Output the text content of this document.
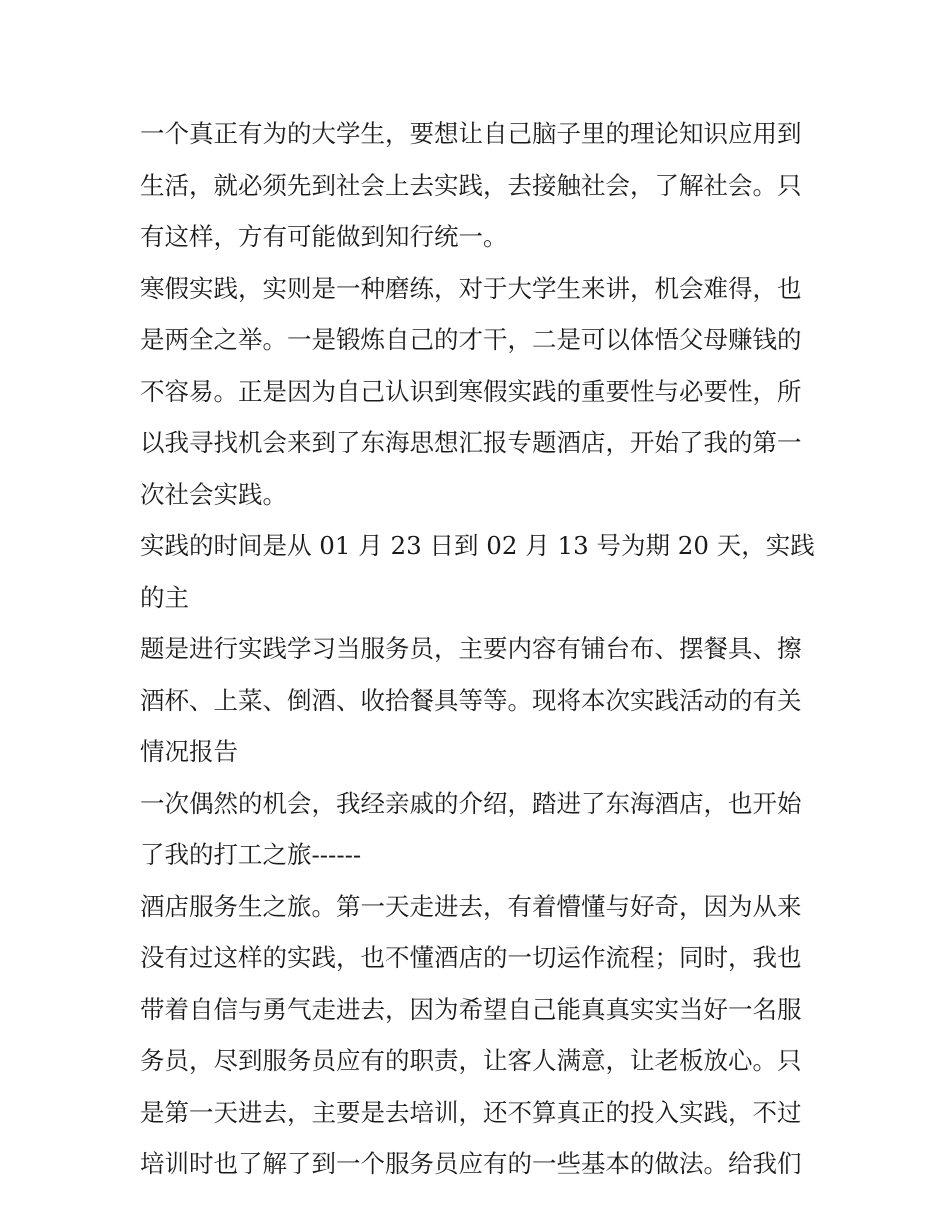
一个真正有为的大学生，要想让自己脑子里的理论知识应用到
生活，就必须先到社会上去实践，去接触社会，了解社会。只
有这样，方有可能做到知行统一。

寒假实践，实则是一种磨练，对于大学生来讲，机会难得，也
是两全之举。一是锻炼自己的才干，二是可以体悟父母赚钱的
不容易。正是因为自己认识到寒假实践的重要性与必要性，所
以我寻找机会来到了东海思想汇报专题酒店，开始了我的第一
次社会实践。

实践的时间是从 01 月 23 日到 02 月 13 号为期 20 天，实践的主
题是进行实践学习当服务员，主要内容有铺台布、摆餐具、擦
酒杯、上菜、倒酒、收拾餐具等等。现将本次实践活动的有关
情况报告

一次偶然的机会，我经亲戚的介绍，踏进了东海酒店，也开始
了我的打工之旅------

酒店服务生之旅。第一天走进去，有着懵懂与好奇，因为从来
没有过这样的实践，也不懂酒店的一切运作流程；同时，我也
带着自信与勇气走进去，因为希望自己能真真实实当好一名服
务员，尽到服务员应有的职责，让客人满意，让老板放心。只
是第一天进去，主要是去培训，还不算真正的投入实践，不过
培训时也了解了到一个服务员应有的一些基本的做法。给我们
